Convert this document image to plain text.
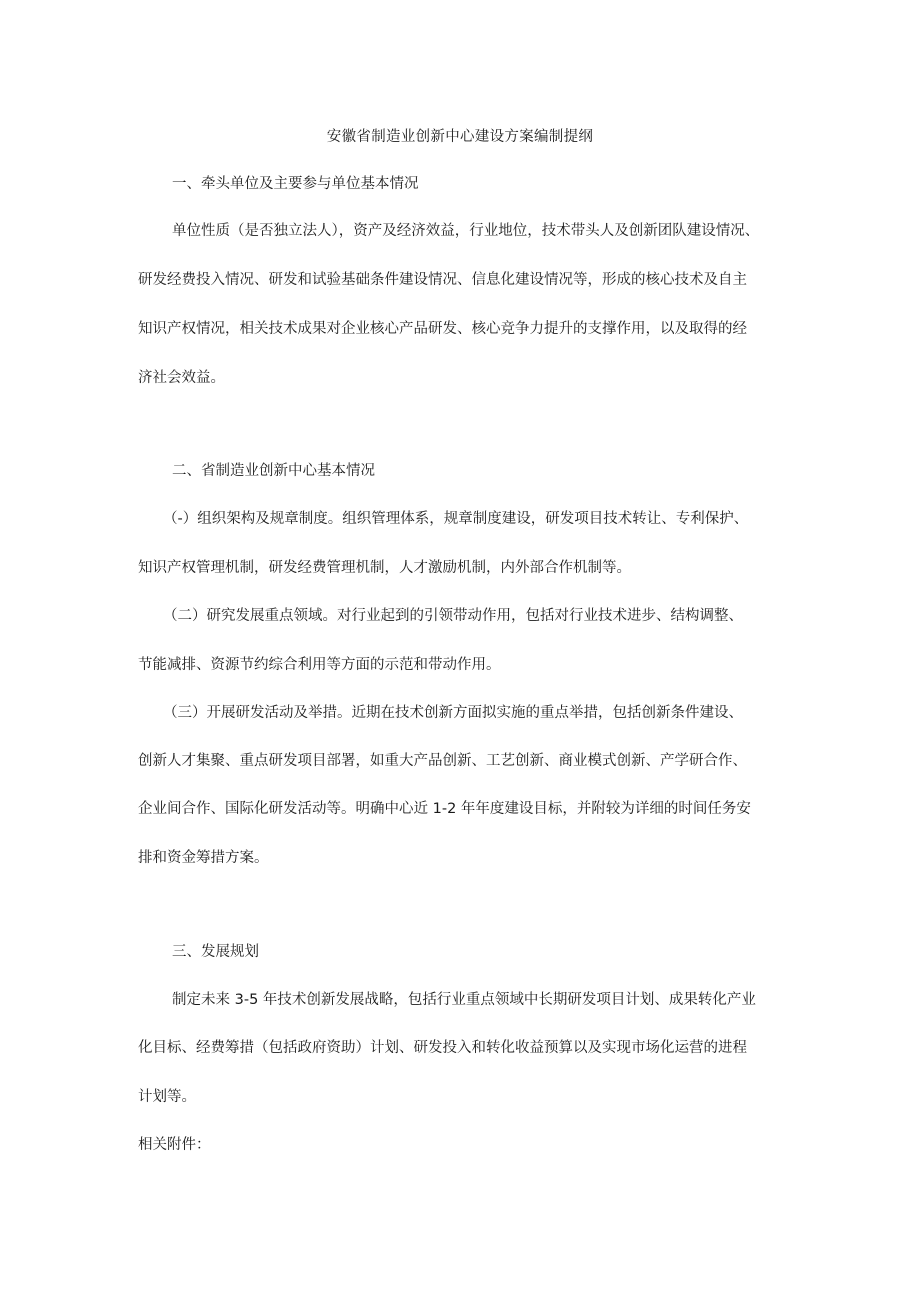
安徽省制造业创新中心建设方案编制提纲
一、牵头单位及主要参与单位基本情况

单位性质（是否独立法人），资产及经济效益，行业地位，技术带头人及创新团队建设情况、

研发经费投入情况、研发和试验基础条件建设情况、信息化建设情况等，形成的核心技术及自主

知识产权情况，相关技术成果对企业核心产品研发、核心竞争力提升的支撑作用，以及取得的经

济社会效益。

二、省制造业创新中心基本情况

（-）组织架构及规章制度。组织管理体系，规章制度建设，研发项目技术转让、专利保护、

知识产权管理机制，研发经费管理机制，人才激励机制，内外部合作机制等。

（二）研究发展重点领域。对行业起到的引领带动作用，包括对行业技术进步、结构调整、

节能减排、资源节约综合利用等方面的示范和带动作用。

（三）开展研发活动及举措。近期在技术创新方面拟实施的重点举措，包括创新条件建设、

创新人才集聚、重点研发项目部署，如重大产品创新、工艺创新、商业模式创新、产学研合作、

企业间合作、国际化研发活动等。明确中心近 1-2 年年度建设目标，并附较为详细的时间任务安

排和资金筹措方案。

三、发展规划

制定未来 3-5 年技术创新发展战略，包括行业重点领域中长期研发项目计划、成果转化产业

化目标、经费筹措（包括政府资助）计划、研发投入和转化收益预算以及实现市场化运营的进程

计划等。

相关附件：
